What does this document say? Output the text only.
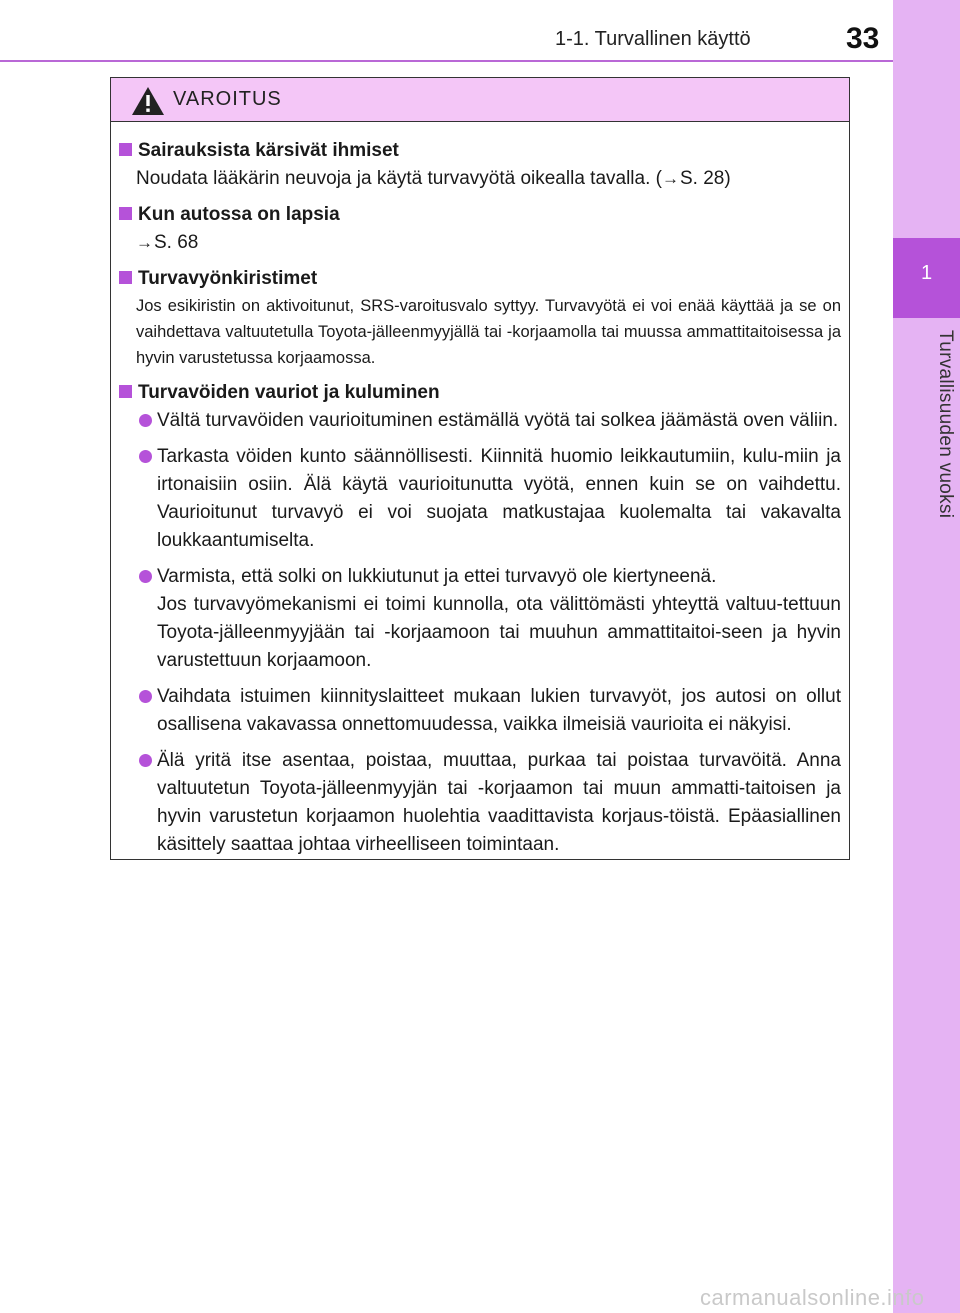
1-1. Turvallinen käyttö	33
1
Turvallisuuden vuoksi
VAROITUS
Sairauksista kärsivät ihmiset
Noudata lääkärin neuvoja ja käytä turvavyötä oikealla tavalla. (→S. 28)
Kun autossa on lapsia
→S. 68
Turvavyönkiristimet
Jos esikiristin on aktivoitunut, SRS-varoitusvalo syttyy. Turvavyötä ei voi enää käyttää ja se on vaihdettava valtuutetulla Toyota-jälleenmyyjällä tai -korjaamolla tai muussa ammattitaitoisessa ja hyvin varustetussa korjaamossa.
Turvavöiden vauriot ja kuluminen
Vältä turvavöiden vaurioituminen estämällä vyötä tai solkea jäämästä oven väliin.
Tarkasta vöiden kunto säännöllisesti. Kiinnitä huomio leikkautumiin, kulu-miin ja irtonaisiin osiin. Älä käytä vaurioitunutta vyötä, ennen kuin se on vaihdettu. Vaurioitunut turvavyö ei voi suojata matkustajaa kuolemalta tai vakavalta loukkaantumiselta.
Varmista, että solki on lukkiutunut ja ettei turvavyö ole kiertyneenä.
Jos turvavyömekanismi ei toimi kunnolla, ota välittömästi yhteyttä valtuu-tettuun Toyota-jälleenmyyjään tai -korjaamoon tai muuhun ammattitaitoi-seen ja hyvin varustettuun korjaamoon.
Vaihdata istuimen kiinnityslaitteet mukaan lukien turvavyöt, jos autosi on ollut osallisena vakavassa onnettomuudessa, vaikka ilmeisiä vaurioita ei näkyisi.
Älä yritä itse asentaa, poistaa, muuttaa, purkaa tai poistaa turvavöitä. Anna valtuutetun Toyota-jälleenmyyjän tai -korjaamon tai muun ammatti-taitoisen ja hyvin varustetun korjaamon huolehtia vaadittavista korjaus-töistä. Epäasiallinen käsittely saattaa johtaa virheelliseen toimintaan.
carmanualsonline.info
